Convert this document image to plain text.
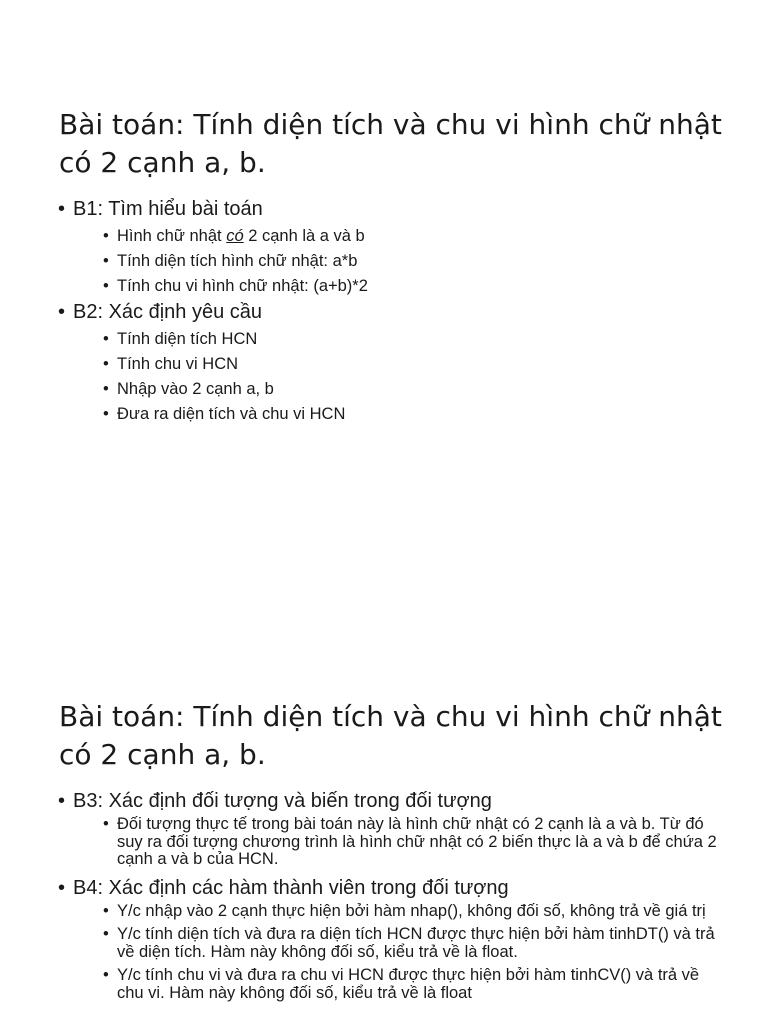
Bài toán: Tính diện tích và chu vi hình chữ nhật có 2 cạnh a, b.
• B1: Tìm hiểu bài toán
• Hình chữ nhật có 2 cạnh là a và b
• Tính diện tích hình chữ nhật: a*b
• Tính chu vi hình chữ nhật: (a+b)*2
• B2: Xác định yêu cầu
• Tính diện tích HCN
• Tính chu vi HCN
• Nhập vào 2 cạnh a, b
• Đưa ra diện tích và chu vi HCN
Bài toán: Tính diện tích và chu vi hình chữ nhật có 2 cạnh a, b.
• B3: Xác định đối tượng và biến trong đối tượng
• Đối tượng thực tế trong bài toán này là hình chữ nhật có 2 cạnh là a và b. Từ đó suy ra đối tượng chương trình là hình chữ nhật có 2 biến thực là a và b để chứa 2 cạnh a và b của HCN.
• B4: Xác định các hàm thành viên trong đối tượng
• Y/c nhập vào 2 cạnh thực hiện bởi hàm nhap(), không đối số, không trả về giá trị
• Y/c tính diện tích và đưa ra diện tích HCN được thực hiện bởi hàm tinhDT() và trả về diện tích. Hàm này không đối số, kiểu trả về là float.
• Y/c tính chu vi và đưa ra chu vi HCN được thực hiện bởi hàm tinhCV() và trả về chu vi. Hàm này không đối số, kiểu trả về là float
